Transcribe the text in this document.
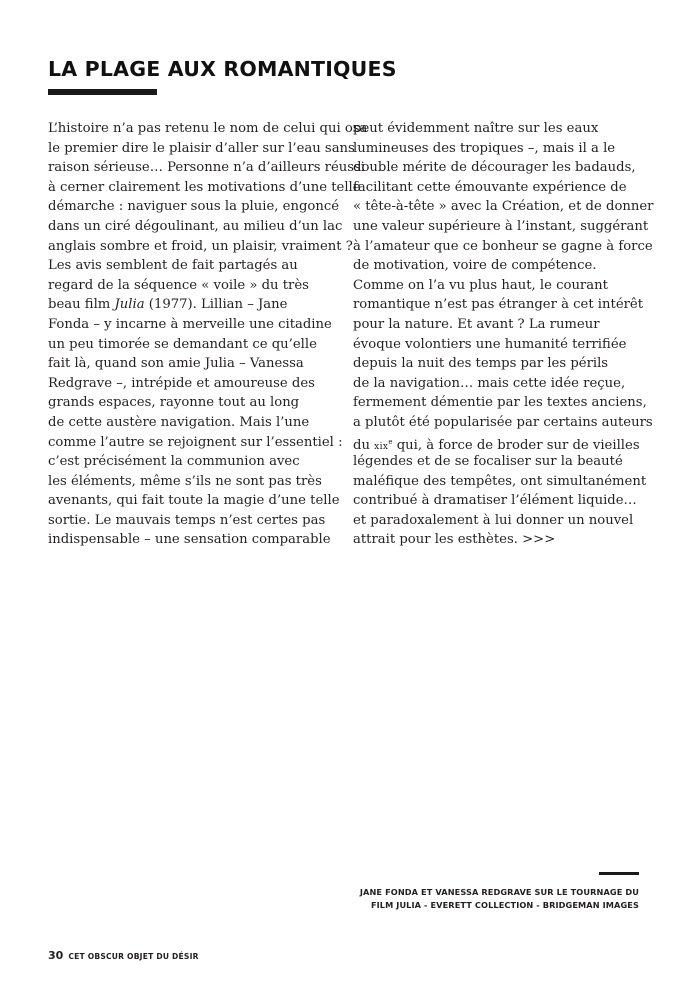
LA PLAGE AUX ROMANTIQUES
L’histoire n’a pas retenu le nom de celui qui osa
le premier dire le plaisir d’aller sur l’eau sans
raison sérieuse… Personne n’a d’ailleurs réussi
à cerner clairement les motivations d’une telle
démarche : naviguer sous la pluie, engoncé
dans un ciré dégoulinant, au milieu d’un lac
anglais sombre et froid, un plaisir, vraiment ?
Les avis semblent de fait partagés au
regard de la séquence « voile » du très
beau film Julia (1977). Lillian – Jane
Fonda – y incarne à merveille une citadine
un peu timorée se demandant ce qu’elle
fait là, quand son amie Julia – Vanessa
Redgrave –, intrépide et amoureuse des
grands espaces, rayonne tout au long
de cette austère navigation. Mais l’une
comme l’autre se rejoignent sur l’essentiel :
c’est précisément la communion avec
les éléments, même s’ils ne sont pas très
avenants, qui fait toute la magie d’une telle
sortie. Le mauvais temps n’est certes pas
indispensable – une sensation comparable
peut évidemment naître sur les eaux
lumineuses des tropiques –, mais il a le
double mérite de décourager les badauds,
facilitant cette émouvante expérience de
« tête-à-tête » avec la Création, et de donner
une valeur supérieure à l’instant, suggérant
à l’amateur que ce bonheur se gagne à force
de motivation, voire de compétence.
Comme on l’a vu plus haut, le courant
romantique n’est pas étranger à cet intérêt
pour la nature. Et avant ? La rumeur
évoque volontiers une humanité terrifiée
depuis la nuit des temps par les périls
de la navigation… mais cette idée reçue,
fermement démentie par les textes anciens,
a plutôt été popularisée par certains auteurs
du xix$^e$ qui, à force de broder sur de vieilles
légendes et de se focaliser sur la beauté
maléfique des tempêtes, ont simultanément
contribué à dramatiser l’élément liquide…
et paradoxalement à lui donner un nouvel
attrait pour les esthètes. >>>
JANE FONDA ET VANESSA REDGRAVE SUR LE TOURNAGE DU
FILM JULIA - EVERETT COLLECTION - BRIDGEMAN IMAGES
30 CET OBSCUR OBJET DU DÉSIR
